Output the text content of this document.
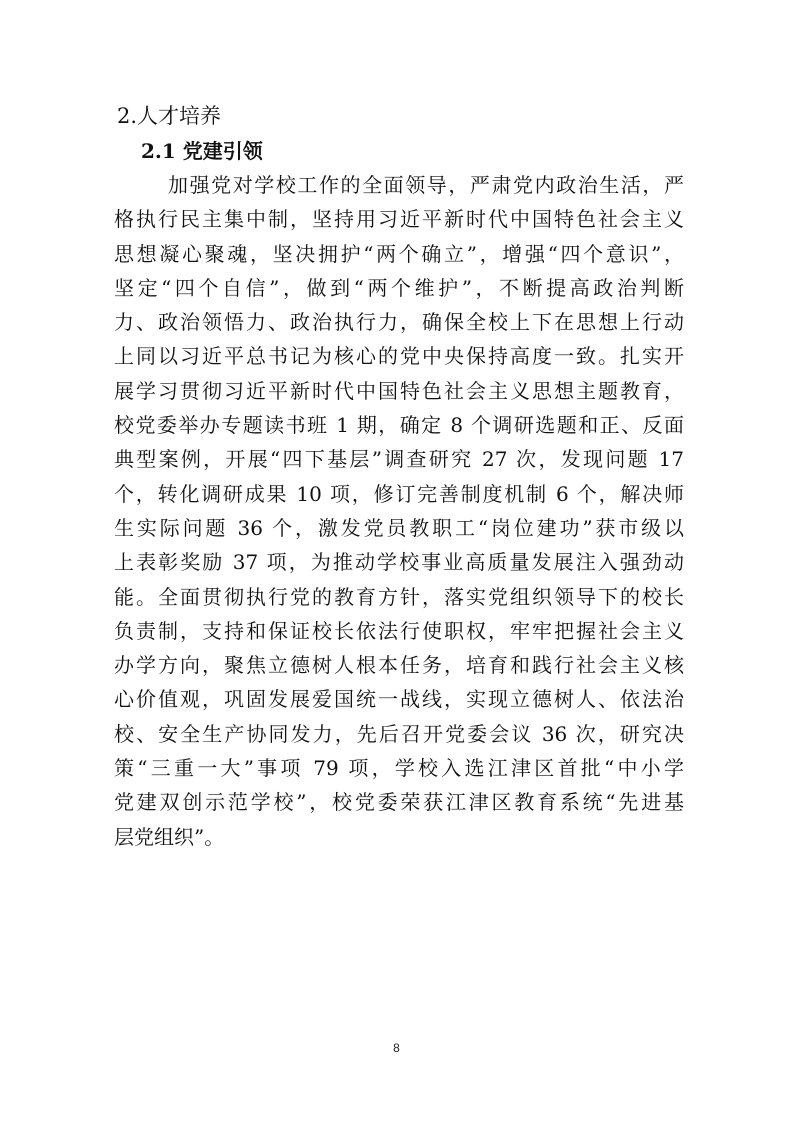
2.人才培养
2.1 党建引领
加强党对学校工作的全面领导，严肃党内政治生活，严
格执行民主集中制，坚持用习近平新时代中国特色社会主义
思想凝心聚魂，坚决拥护“两个确立”，增强“四个意识”，
坚定“四个自信”，做到“两个维护”，不断提高政治判断
力、政治领悟力、政治执行力，确保全校上下在思想上行动
上同以习近平总书记为核心的党中央保持高度一致。扎实开
展学习贯彻习近平新时代中国特色社会主义思想主题教育，
校党委举办专题读书班 1 期，确定 8 个调研选题和正、反面
典型案例，开展“四下基层”调查研究 27 次，发现问题 17
个，转化调研成果 10 项，修订完善制度机制 6 个，解决师
生实际问题 36 个，激发党员教职工“岗位建功”获市级以
上表彰奖励 37 项，为推动学校事业高质量发展注入强劲动
能。全面贯彻执行党的教育方针，落实党组织领导下的校长
负责制，支持和保证校长依法行使职权，牢牢把握社会主义
办学方向，聚焦立德树人根本任务，培育和践行社会主义核
心价值观，巩固发展爱国统一战线，实现立德树人、依法治
校、安全生产协同发力，先后召开党委会议 36 次，研究决
策“三重一大”事项 79 项，学校入选江津区首批“中小学
党建双创示范学校”，校党委荣获江津区教育系统“先进基
层党组织”。
8
